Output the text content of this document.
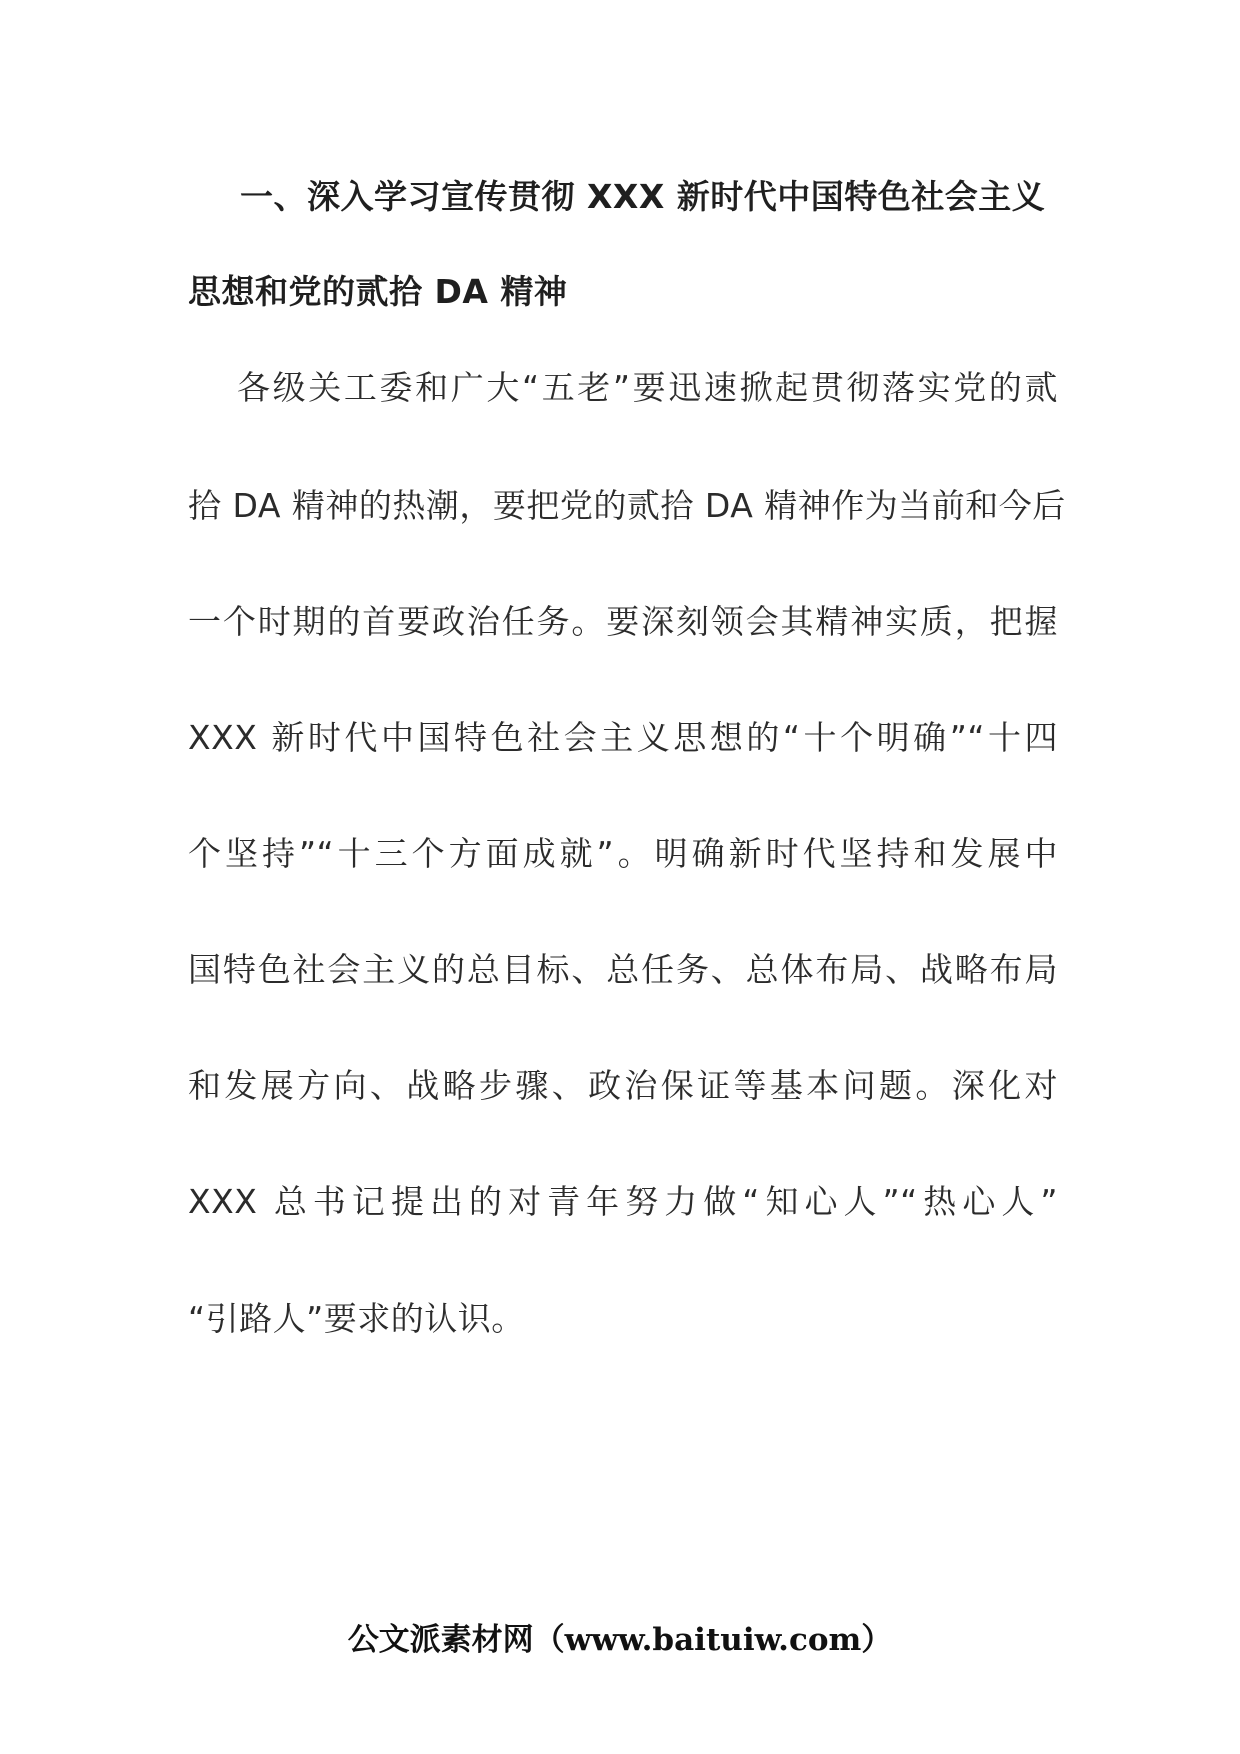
一、深入学习宣传贯彻 XXX 新时代中国特色社会主义
思想和党的贰拾 DA 精神
各级关工委和广大“五老”要迅速掀起贯彻落实党的贰
拾 DA 精神的热潮，要把党的贰拾 DA 精神作为当前和今后
一个时期的首要政治任务。要深刻领会其精神实质，把握
XXX 新时代中国特色社会主义思想的“十个明确”“十四
个坚持”“十三个方面成就”。明确新时代坚持和发展中
国特色社会主义的总目标、总任务、总体布局、战略布局
和发展方向、战略步骤、政治保证等基本问题。深化对
XXX 总书记提出的对青年努力做“知心人”“热心人”
“引路人”要求的认识。
公文派素材网（www.baituiw.com）
